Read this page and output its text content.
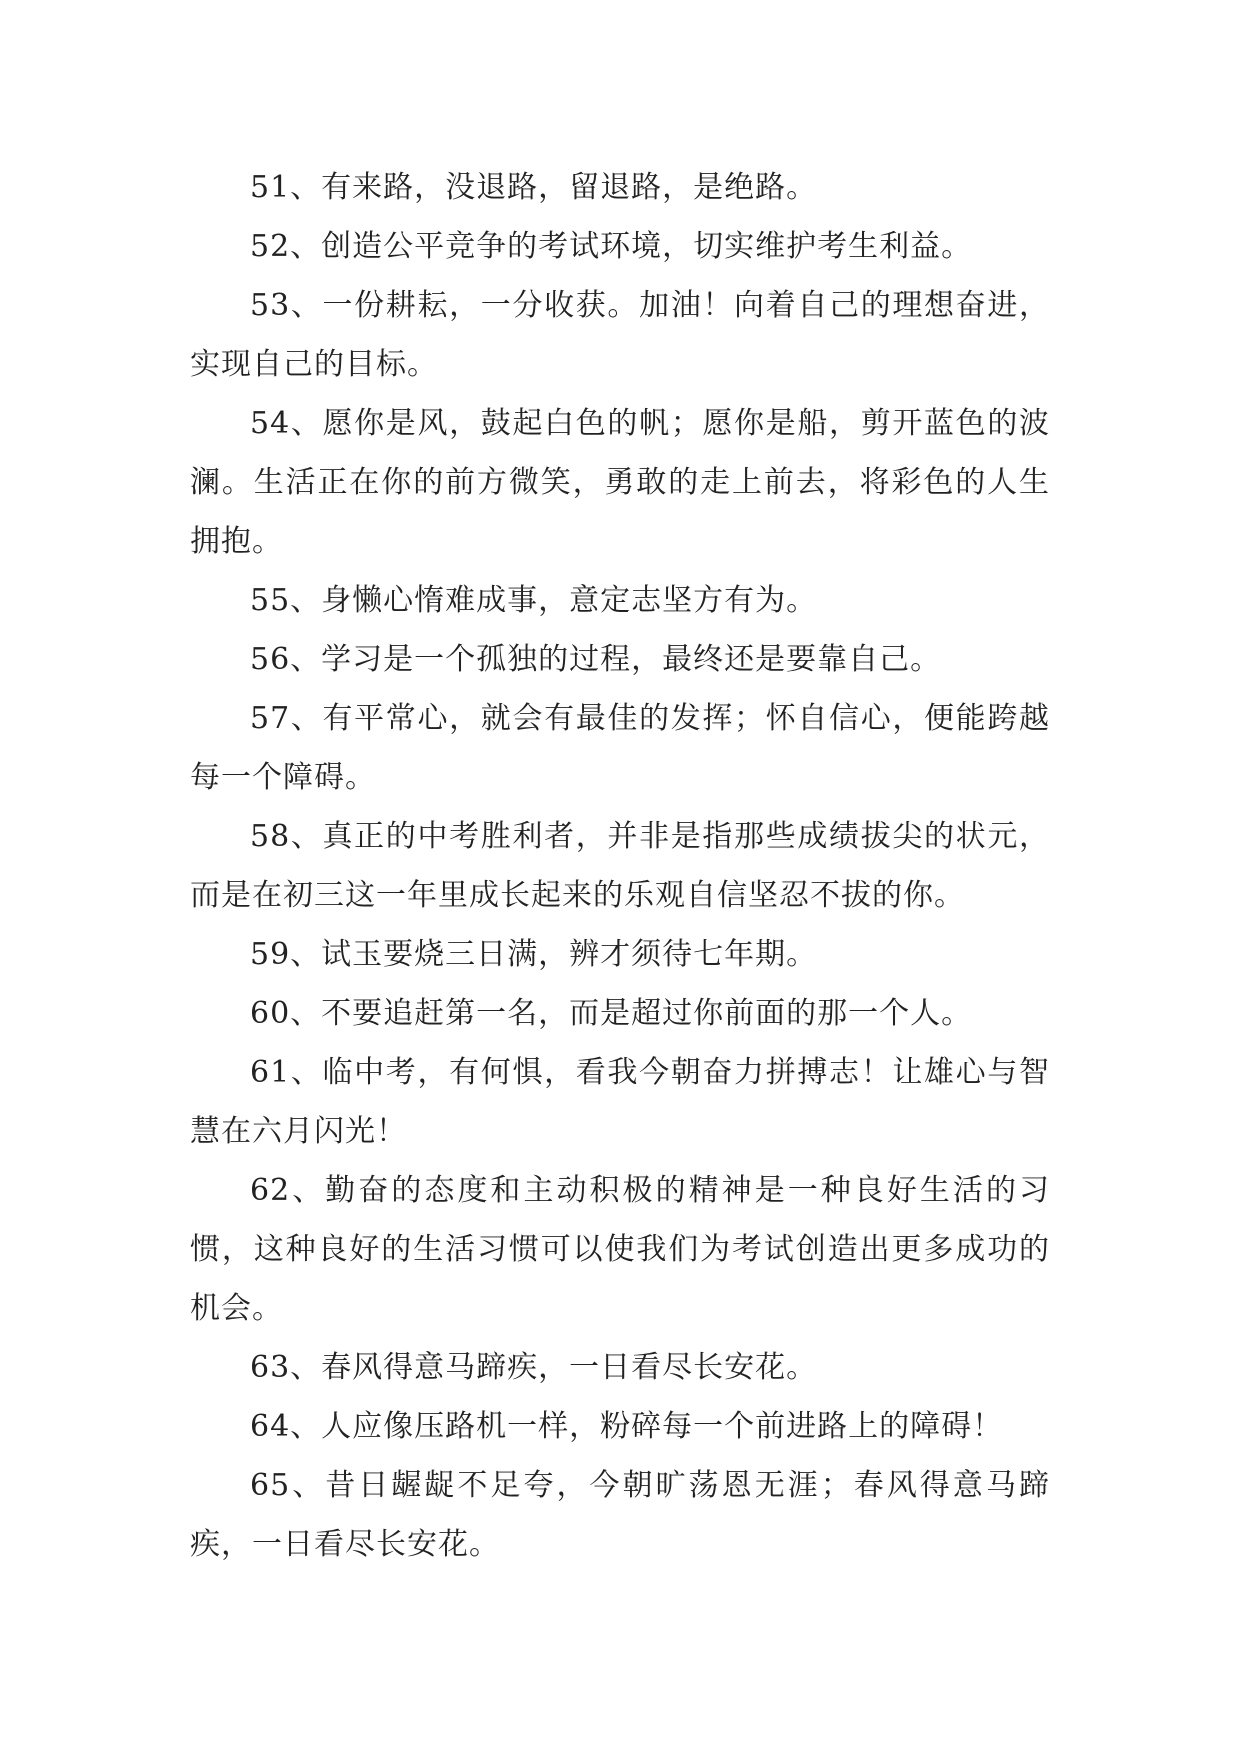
51、有来路，没退路，留退路，是绝路。

52、创造公平竞争的考试环境，切实维护考生利益。

53、一份耕耘，一分收获。加油！向着自己的理想奋进，实现自己的目标。

54、愿你是风，鼓起白色的帆；愿你是船，剪开蓝色的波澜。生活正在你的前方微笑，勇敢的走上前去，将彩色的人生拥抱。

55、身懒心惰难成事，意定志坚方有为。

56、学习是一个孤独的过程，最终还是要靠自己。

57、有平常心，就会有最佳的发挥；怀自信心，便能跨越每一个障碍。

58、真正的中考胜利者，并非是指那些成绩拔尖的状元，而是在初三这一年里成长起来的乐观自信坚忍不拔的你。

59、试玉要烧三日满，辨才须待七年期。

60、不要追赶第一名，而是超过你前面的那一个人。

61、临中考，有何惧，看我今朝奋力拼搏志！让雄心与智慧在六月闪光！

62、勤奋的态度和主动积极的精神是一种良好生活的习惯，这种良好的生活习惯可以使我们为考试创造出更多成功的机会。

63、春风得意马蹄疾，一日看尽长安花。

64、人应像压路机一样，粉碎每一个前进路上的障碍！

65、昔日龌龊不足夸，今朝旷荡恩无涯；春风得意马蹄疾，一日看尽长安花。
